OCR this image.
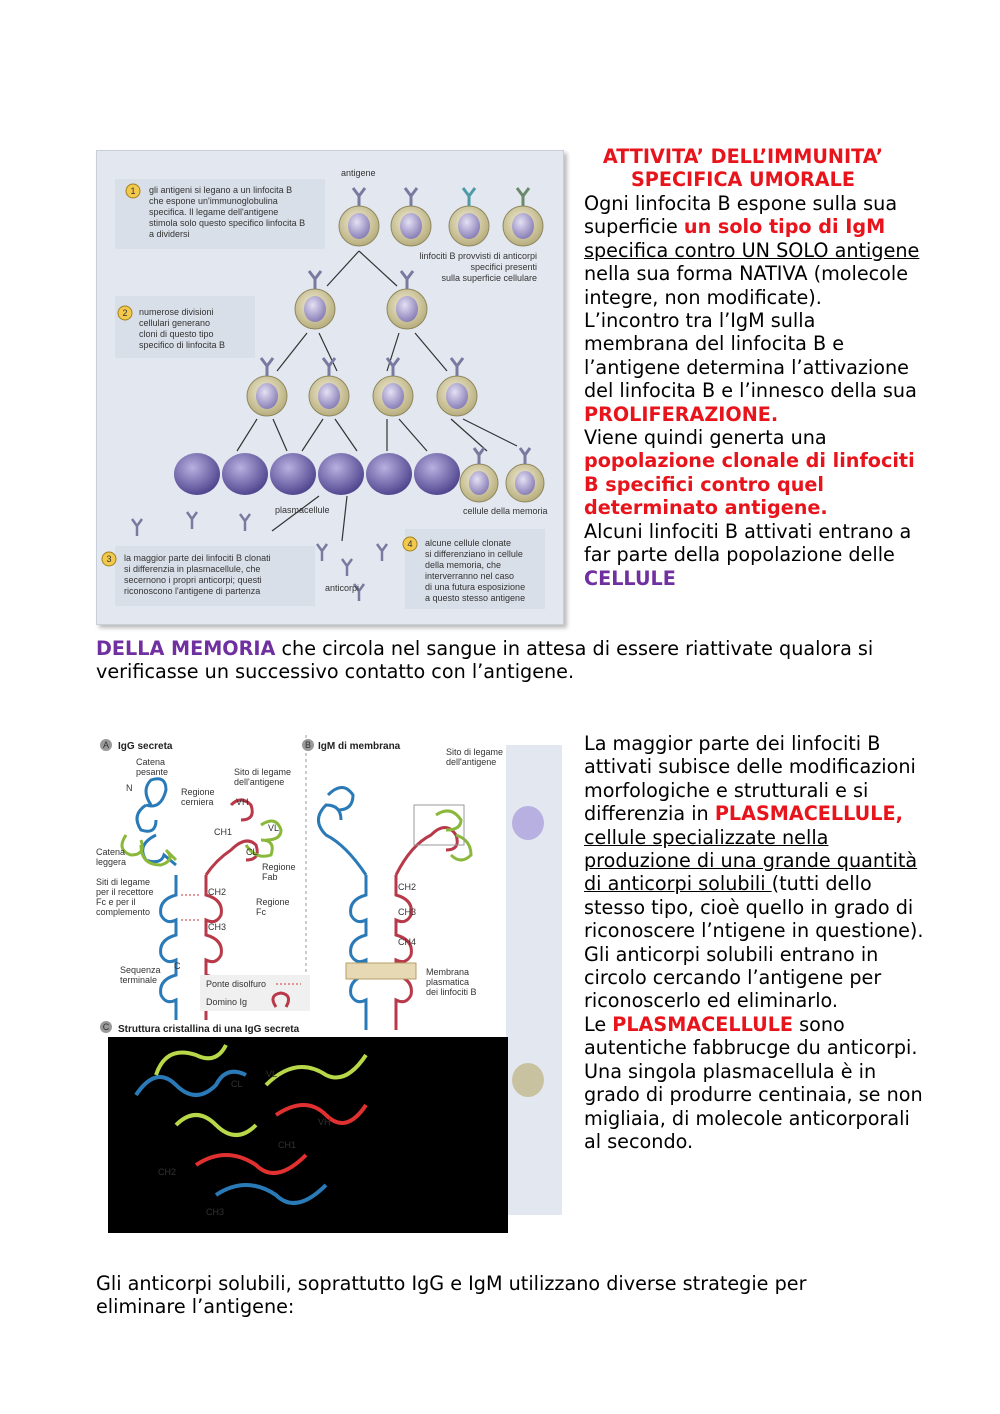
1
2
3
4
gli antigeni si legano a un linfocita B
che espone un'immunoglobulina
specifica. Il legame dell'antigene
stimola solo questo specifico linfocita B
a dividersi
numerose divisioni
cellulari generano
cloni di questo tipo
specifico di linfocita B
la maggior parte dei linfociti B clonati
si differenzia in plasmacellule, che
secernono i propri anticorpi; questi
riconoscono l'antigene di partenza
alcune cellule clonate
si differenziano in cellule
della memoria, che
interverranno nel caso
di una futura esposizione
a questo stesso antigene
antigene
linfociti B provvisti di anticorpi
specifici presenti
sulla superficie cellulare
plasmacellule	cellule della memoria
anticorpi
ATTIVITA’ DELL’IMMUNITA’
SPECIFICA UMORALE
Ogni linfocita B espone sulla sua superficie un solo tipo di IgM specifica contro UN SOLO antigene nella sua forma NATIVA (molecole integre, non modificate).
L’incontro tra l’IgM sulla membrana del linfocita B e l’antigene determina l’attivazione del linfocita B e l’innesco della sua PROLIFERAZIONE.
Viene quindi generta una popolazione clonale di linfociti B specifici contro quel determinato antigene.
Alcuni linfociti B attivati entrano a far parte della popolazione delle CELLULE
DELLA MEMORIA che circola nel sangue in attesa di essere riattivate qualora si verificasse un successivo contatto con l’antigene.
A IgG secreta	B IgM di membrana
Catena
pesante
Regione
cerniera
Sito di legame
dell'antigene
Catena
leggera	Regione
Fab
Siti di legame
per il recettore
Fc e per il
complemento
Regione
Fc
Sequenza
terminale
N
C
VH
VL
CH1
CL
CH2
CH3
Ponte disolfuro
Domino Ig
Sito di legame
dell'antigene
Membrana
plasmatica
dei linfociti B
CH2
CH3
CH4
C Struttura cristallina di una IgG secreta
VL
CL
VH
CH1
CH2
CH3
La maggior parte dei linfociti B attivati subisce delle modificazioni morfologiche e strutturali e si differenzia in PLASMACELLULE, cellule specializzate nella produzione di una grande quantità di anticorpi solubili (tutti dello stesso tipo, cioè quello in grado di riconoscere l’ntigene in questione).
Gli anticorpi solubili entrano in circolo cercando l’antigene per riconoscerlo ed eliminarlo.
Le PLASMACELLULE sono autentiche fabbrucge du anticorpi. Una singola plasmacellula è in grado di produrre centinaia, se non migliaia, di molecole anticorporali al secondo.
Gli anticorpi solubili, soprattutto IgG e IgM utilizzano diverse strategie per eliminare l’antigene:
